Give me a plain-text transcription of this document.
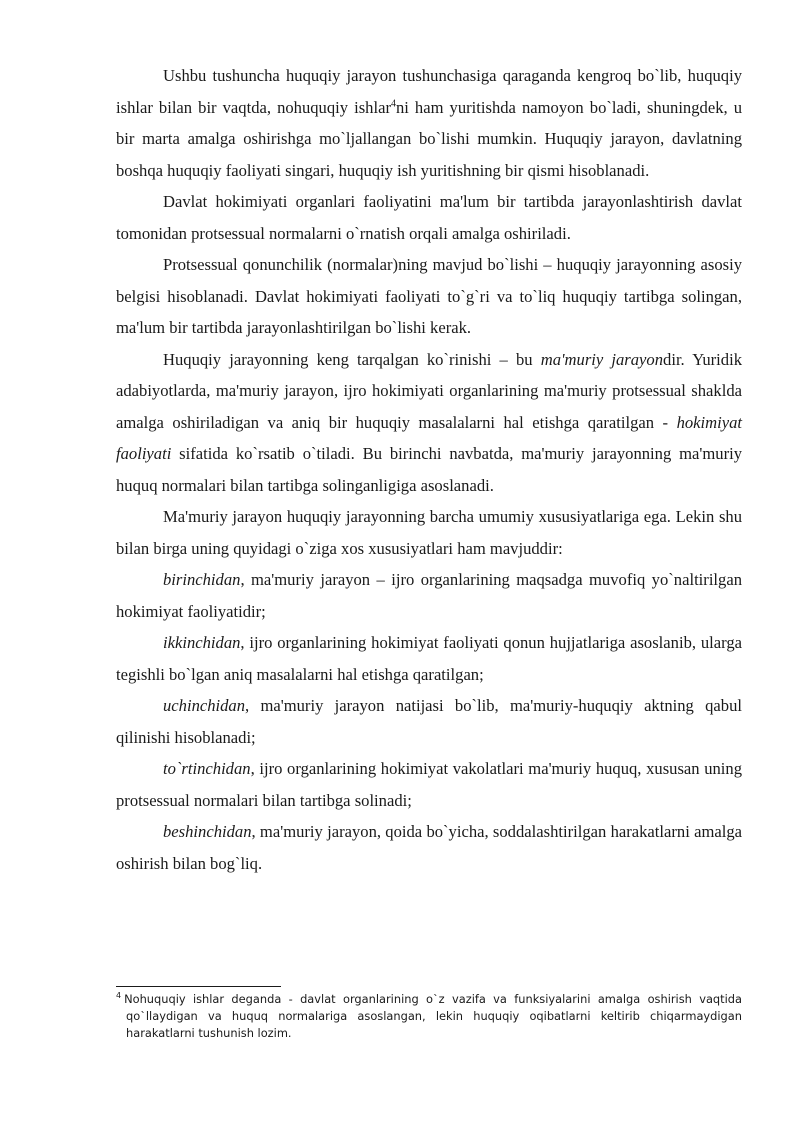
Ushbu tushuncha huquqiy jarayon tushunchasiga qaraganda kengroq bo`lib, huquqiy ishlar bilan bir vaqtda, nohuquqiy ishlar$^4$ni ham yuritishda namoyon bo`ladi, shuningdek, u bir marta amalga oshirishga mo`ljallangan bo`lishi mumkin. Huquqiy jarayon, davlatning boshqa huquqiy faoliyati singari, huquqiy ish yuritishning bir qismi hisoblanadi.

Davlat hokimiyati organlari faoliyatini ma'lum bir tartibda jarayonlashtirish davlat tomonidan protsessual normalarni o`rnatish orqali amalga oshiriladi.

Protsessual qonunchilik (normalar)ning mavjud bo`lishi – huquqiy jarayonning asosiy belgisi hisoblanadi. Davlat hokimiyati faoliyati to`g`ri va to`liq huquqiy tartibga solingan, ma'lum bir tartibda jarayonlashtirilgan bo`lishi kerak.

Huquqiy jarayonning keng tarqalgan ko`rinishi – bu ma'muriy jarayondir. Yuridik adabiyotlarda, ma'muriy jarayon, ijro hokimiyati organlarining ma'muriy protsessual shaklda amalga oshiriladigan va aniq bir huquqiy masalalarni hal etishga qaratilgan - hokimiyat faoliyati sifatida ko`rsatib o`tiladi. Bu birinchi navbatda, ma'muriy jarayonning ma'muriy huquq normalari bilan tartibga solinganligiga asoslanadi.

Ma'muriy jarayon huquqiy jarayonning barcha umumiy xususiyatlariga ega. Lekin shu bilan birga uning quyidagi o`ziga xos xususiyatlari ham mavjuddir:

birinchidan, ma'muriy jarayon – ijro organlarining maqsadga muvofiq yo`naltirilgan hokimiyat faoliyatidir;

ikkinchidan, ijro organlarining hokimiyat faoliyati qonun hujjatlariga asoslanib, ularga tegishli bo`lgan aniq masalalarni hal etishga qaratilgan;

uchinchidan, ma'muriy jarayon natijasi bo`lib, ma'muriy-huquqiy aktning qabul qilinishi hisoblanadi;

to`rtinchidan, ijro organlarining hokimiyat vakolatlari ma'muriy huquq, xususan uning protsessual normalari bilan tartibga solinadi;

beshinchidan, ma'muriy jarayon, qoida bo`yicha, soddalashtirilgan harakatlarni amalga oshirish bilan bog`liq.

$^4$ Nohuquqiy ishlar deganda - davlat organlarining o`z vazifa va funksiyalarini amalga oshirish vaqtida qo`llaydigan va huquq normalariga asoslangan, lekin huquqiy oqibatlarni keltirib chiqarmaydigan harakatlarni tushunish lozim.
